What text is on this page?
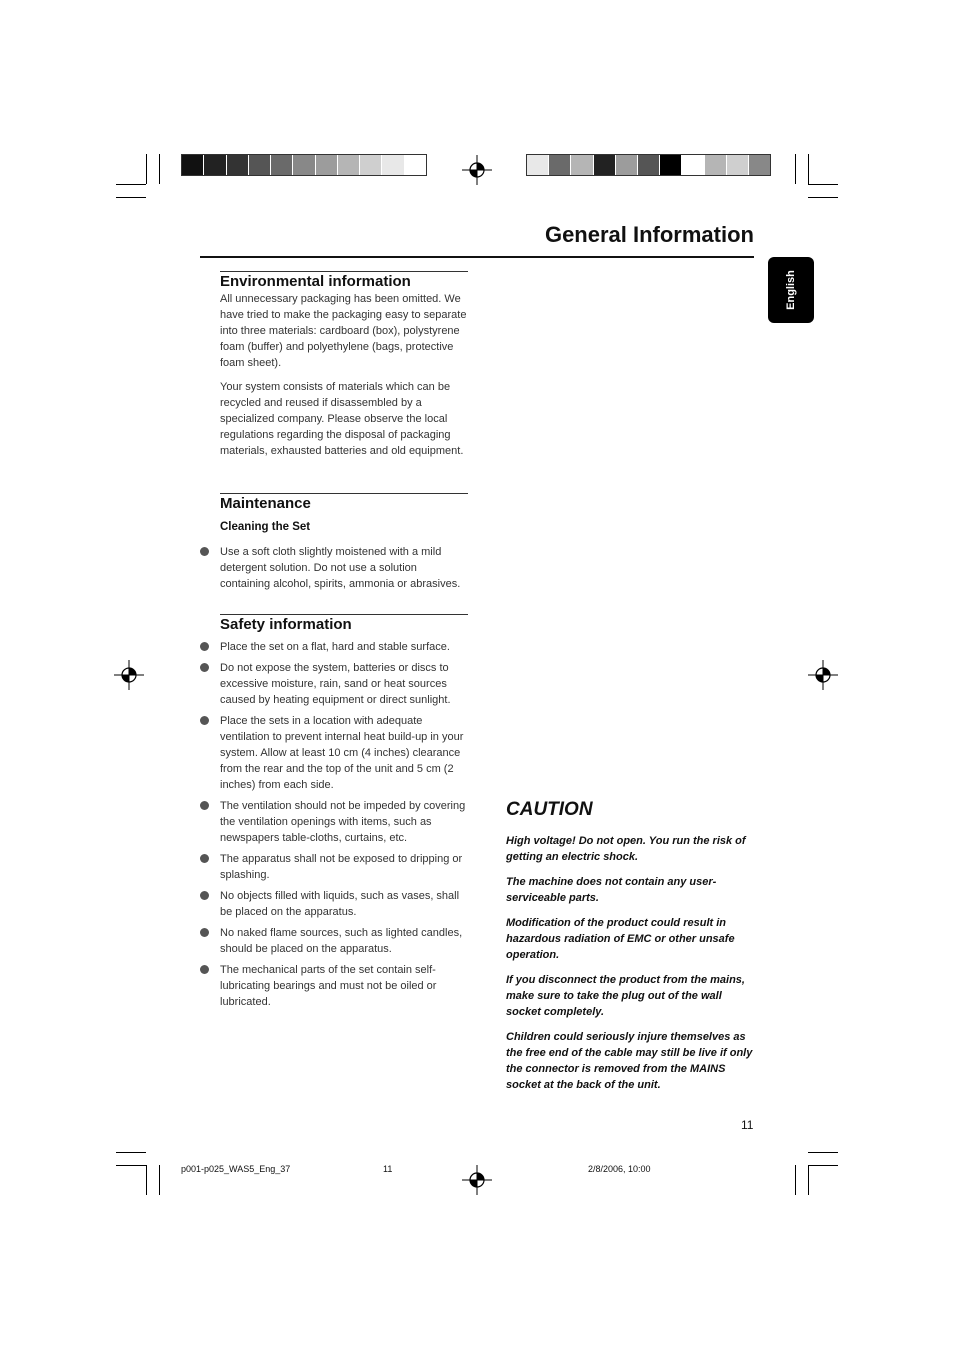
General Information
English
Environmental information

All unnecessary packaging has been omitted. We have tried to make the packaging easy to separate into three materials: cardboard (box), polystyrene foam (buffer) and polyethylene (bags, protective foam sheet).

Your system consists of materials which can be recycled and reused if disassembled by a specialized company. Please observe the local regulations regarding the disposal of packaging materials, exhausted batteries and old equipment.

Maintenance
Cleaning the Set
Use a soft cloth slightly moistened with a mild detergent solution. Do not use a solution containing alcohol, spirits, ammonia or abrasives.
Safety information
Place the set on a flat, hard and stable surface.
Do not expose the system, batteries or discs to excessive moisture, rain, sand or heat sources caused by heating equipment or direct sunlight.
Place the sets in a location with adequate ventilation to prevent internal heat build-up in your system. Allow at least 10 cm (4 inches) clearance from the rear and the top of the unit and 5 cm (2 inches) from each side.
The ventilation should not be impeded by covering the ventilation openings with items, such as newspapers table-cloths, curtains, etc.
The apparatus shall not be exposed to dripping or splashing.
No objects filled with liquids, such as vases, shall be placed on the apparatus.
No naked flame sources, such as lighted candles, should be placed on the apparatus.
The mechanical parts of the set contain self-lubricating bearings and must not be oiled or lubricated.
CAUTION

High voltage! Do not open. You run the risk of getting an electric shock.

The machine does not contain any user-serviceable parts.

Modification of the product could result in hazardous radiation of EMC or other unsafe operation.

If you disconnect the product from the mains, make sure to take the plug out of the wall socket completely.

Children could seriously injure themselves as the free end of the cable may still be live if only the connector is removed from the MAINS socket at the back of the unit.

11
p001-p025_WAS5_Eng_37	11	2/8/2006, 10:00
